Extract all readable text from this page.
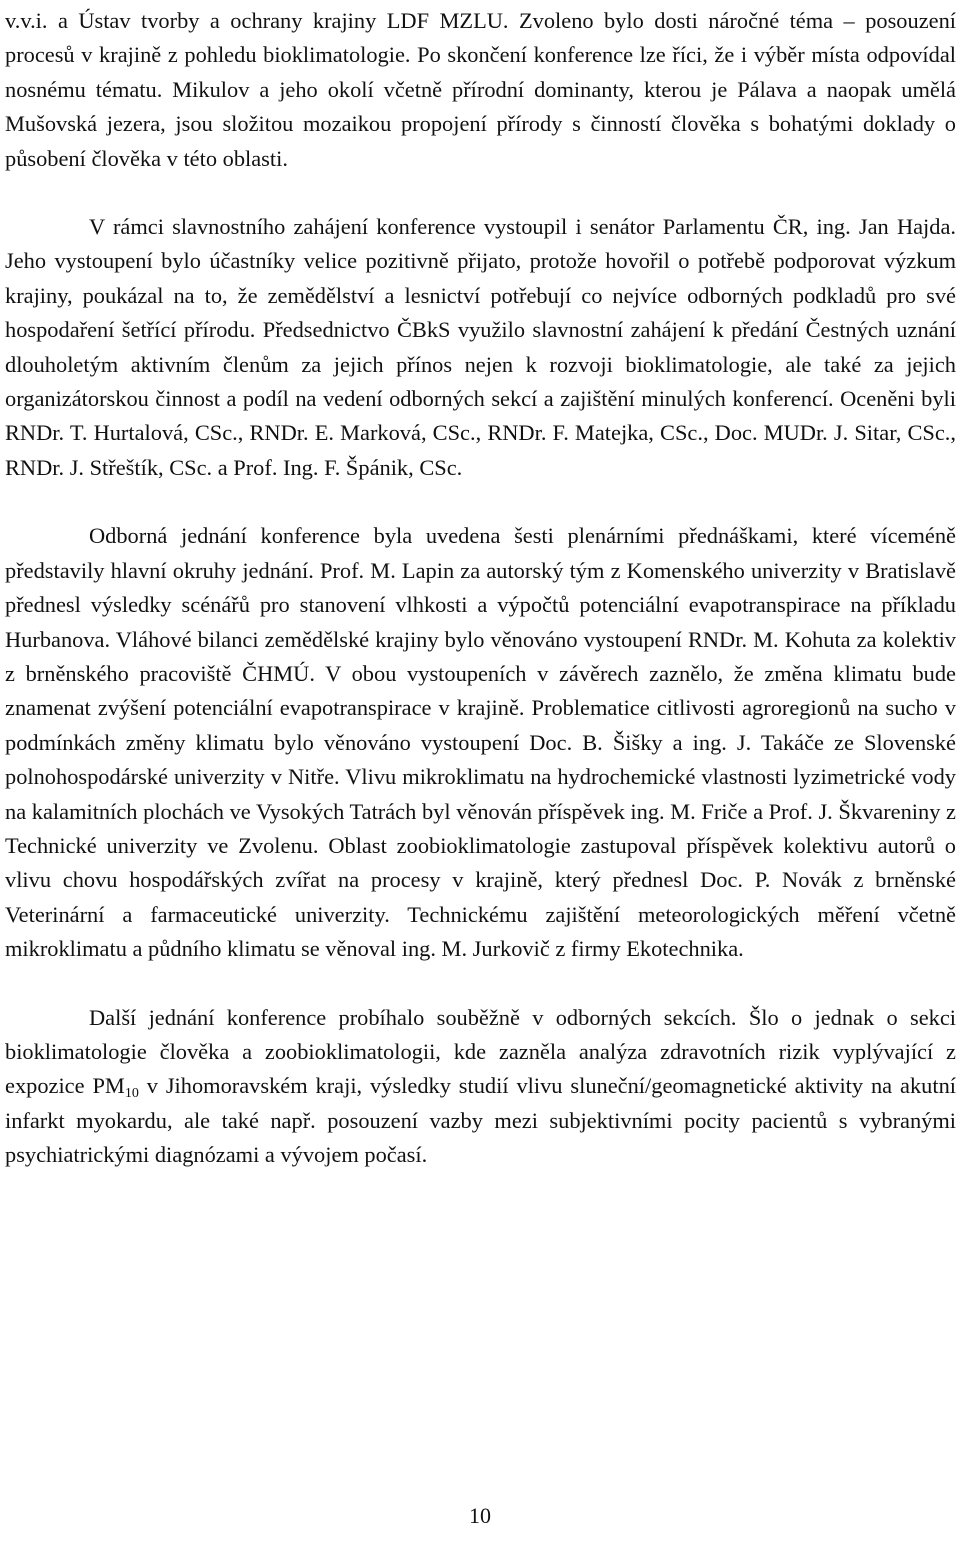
v.v.i. a Ústav tvorby a ochrany krajiny LDF MZLU. Zvoleno bylo dosti náročné téma – posouzení procesů v krajině z pohledu bioklimatologie. Po skončení konference lze říci, že i výběr místa odpovídal nosnému tématu. Mikulov a jeho okolí včetně přírodní dominanty, kterou je Pálava a naopak umělá Mušovská jezera, jsou složitou mozaikou propojení přírody s činností člověka s bohatými doklady o působení člověka v této oblasti.

V rámci slavnostního zahájení konference vystoupil i senátor Parlamentu ČR, ing. Jan Hajda. Jeho vystoupení bylo účastníky velice pozitivně přijato, protože hovořil o potřebě podporovat výzkum krajiny, poukázal na to, že zemědělství a lesnictví potřebují co nejvíce odborných podkladů pro své hospodaření šetřící přírodu. Předsednictvo ČBkS využilo slavnostní zahájení k předání Čestných uznání dlouholetým aktivním členům za jejich přínos nejen k rozvoji bioklimatologie, ale také za jejich organizátorskou činnost a podíl na vedení odborných sekcí a zajištění minulých konferencí. Oceněni byli RNDr. T. Hurtalová, CSc., RNDr. E. Marková, CSc., RNDr. F. Matejka, CSc., Doc. MUDr. J. Sitar, CSc., RNDr. J. Střeštík, CSc. a Prof. Ing. F. Špánik, CSc.

Odborná jednání konference byla uvedena šesti plenárními přednáškami, které víceméně představily hlavní okruhy jednání. Prof. M. Lapin za autorský tým z Komenského univerzity v Bratislavě přednesl výsledky scénářů pro stanovení vlhkosti a výpočtů potenciální evapotranspirace na příkladu Hurbanova. Vláhové bilanci zemědělské krajiny bylo věnováno vystoupení RNDr. M. Kohuta za kolektiv z brněnského pracoviště ČHMÚ. V obou vystoupeních v závěrech zaznělo, že změna klimatu bude znamenat zvýšení potenciální evapotranspirace v krajině. Problematice citlivosti agroregionů na sucho v podmínkách změny klimatu bylo věnováno vystoupení Doc. B. Šišky a ing. J. Takáče ze Slovenské polnohospodárské univerzity v Nitře. Vlivu mikroklimatu na hydrochemické vlastnosti lyzimetrické vody na kalamitních plochách ve Vysokých Tatrách byl věnován příspěvek ing. M. Friče a Prof. J. Škvareniny z Technické univerzity ve Zvolenu. Oblast zoobioklimatologie zastupoval příspěvek kolektivu autorů o vlivu chovu hospodářských zvířat na procesy v krajině, který přednesl Doc. P. Novák z brněnské Veterinární a farmaceutické univerzity. Technickému zajištění meteorologických měření včetně mikroklimatu a půdního klimatu se věnoval ing. M. Jurkovič z firmy Ekotechnika.

Další jednání konference probíhalo souběžně v odborných sekcích. Šlo o jednak o sekci bioklimatologie člověka a zoobioklimatologii, kde zazněla analýza zdravotních rizik vyplývající z expozice $PM_{10}$ v Jihomoravském kraji, výsledky studií vlivu sluneční/geomagnetické aktivity na akutní infarkt myokardu, ale také např. posouzení vazby mezi subjektivními pocity pacientů s vybranými psychiatrickými diagnózami a vývojem počasí.

10
